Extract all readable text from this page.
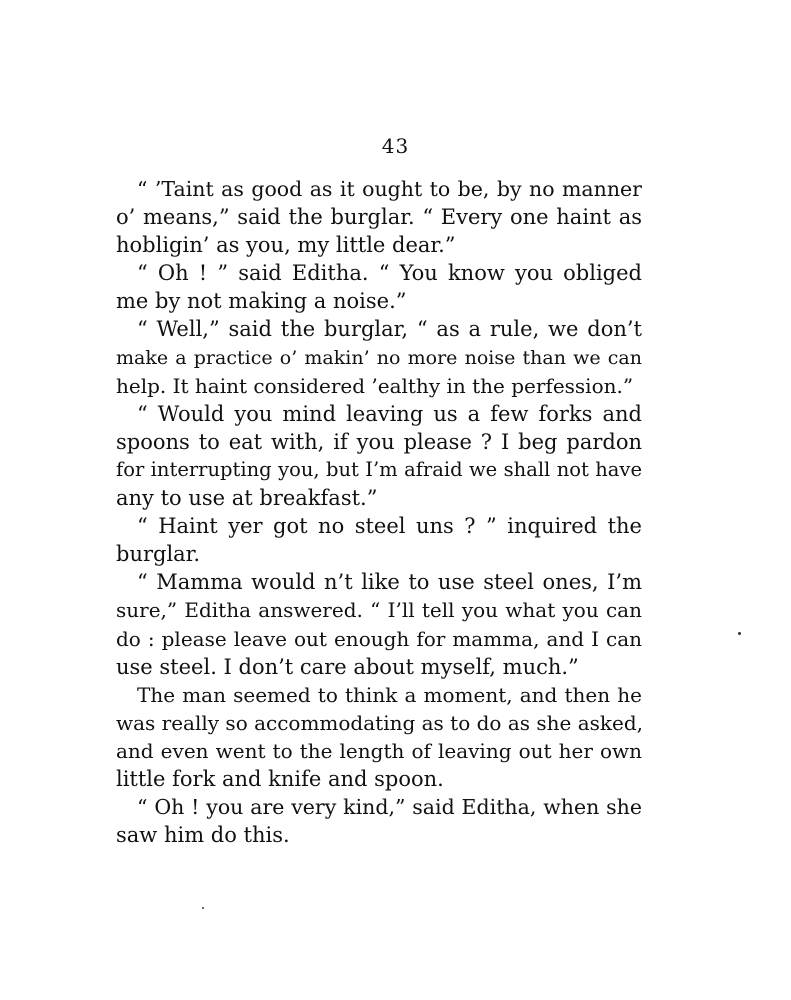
43
“ ’Taint as good as it ought to be, by no manner
o’ means,” said the burglar. “ Every one haint as
hobligin’ as you, my little dear.”
“ Oh ! ” said Editha. “ You know you obliged
me by not making a noise.”
“ Well,” said the burglar, “ as a rule, we don’t
make a practice o’ makin’ no more noise than we can
help. It haint considered ’ealthy in the perfession.”
“ Would you mind leaving us a few forks and
spoons to eat with, if you please ? I beg pardon
for interrupting you, but I’m afraid we shall not have
any to use at breakfast.”
“ Haint yer got no steel uns ? ” inquired the
burglar.
“ Mamma would n’t like to use steel ones, I’m
sure,” Editha answered. “ I’ll tell you what you can
do : please leave out enough for mamma, and I can
use steel. I don’t care about myself, much.”
The man seemed to think a moment, and then he
was really so accommodating as to do as she asked,
and even went to the length of leaving out her own
little fork and knife and spoon.
“ Oh ! you are very kind,” said Editha, when she
saw him do this.
